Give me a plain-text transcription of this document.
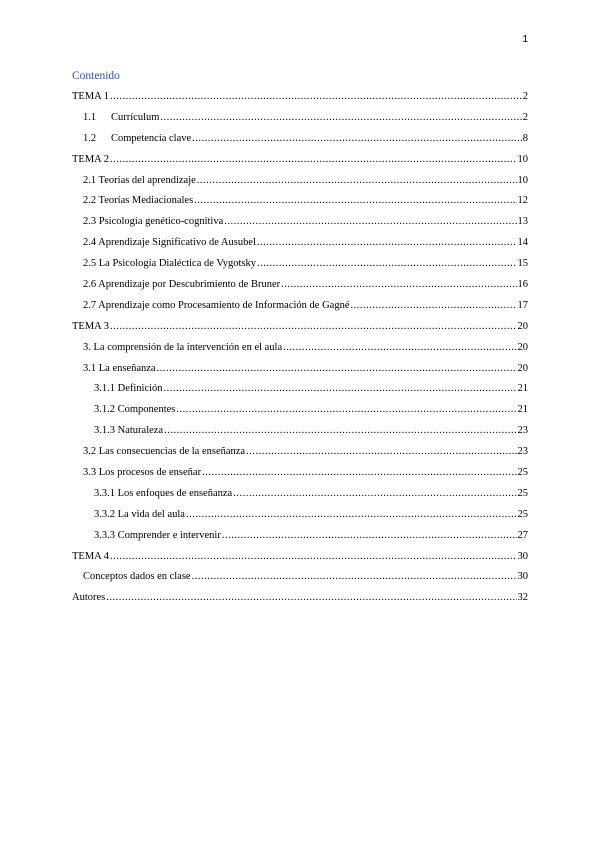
1
Contenido
TEMA 1 .....	2
1.1 Currículum .....	2
1.2 Competencia clave .....	8
TEMA 2 .....	10
2.1 Teorías del aprendizaje .....	10
2.2 Teorías Mediacionales .....	12
2.3 Psicología genético-cognitiva .....	13
2.4 Aprendizaje Significativo de Ausubel .....	14
2.5 La Psicología Dialéctica de Vygotsky .....	15
2.6 Aprendizaje por Descubrimiento de Bruner .....	16
2.7 Aprendizaje como Procesamiento de Información de Gagné .....	17
TEMA 3 .....	20
3. La comprensión de la intervención en el aula .....	20
3.1 La enseñanza .....	20
3.1.1 Definición .....	21
3.1.2 Componentes .....	21
3.1.3 Naturaleza .....	23
3.2 Las consecuencias de la enseñanza .....	23
3.3 Los procesos de enseñar .....	25
3.3.1 Los enfoques de enseñanza .....	25
3.3.2 La vida del aula .....	25
3.3.3 Comprender e intervenir .....	27
TEMA 4 .....	30
Conceptos dados en clase .....	30
Autores .....	32
